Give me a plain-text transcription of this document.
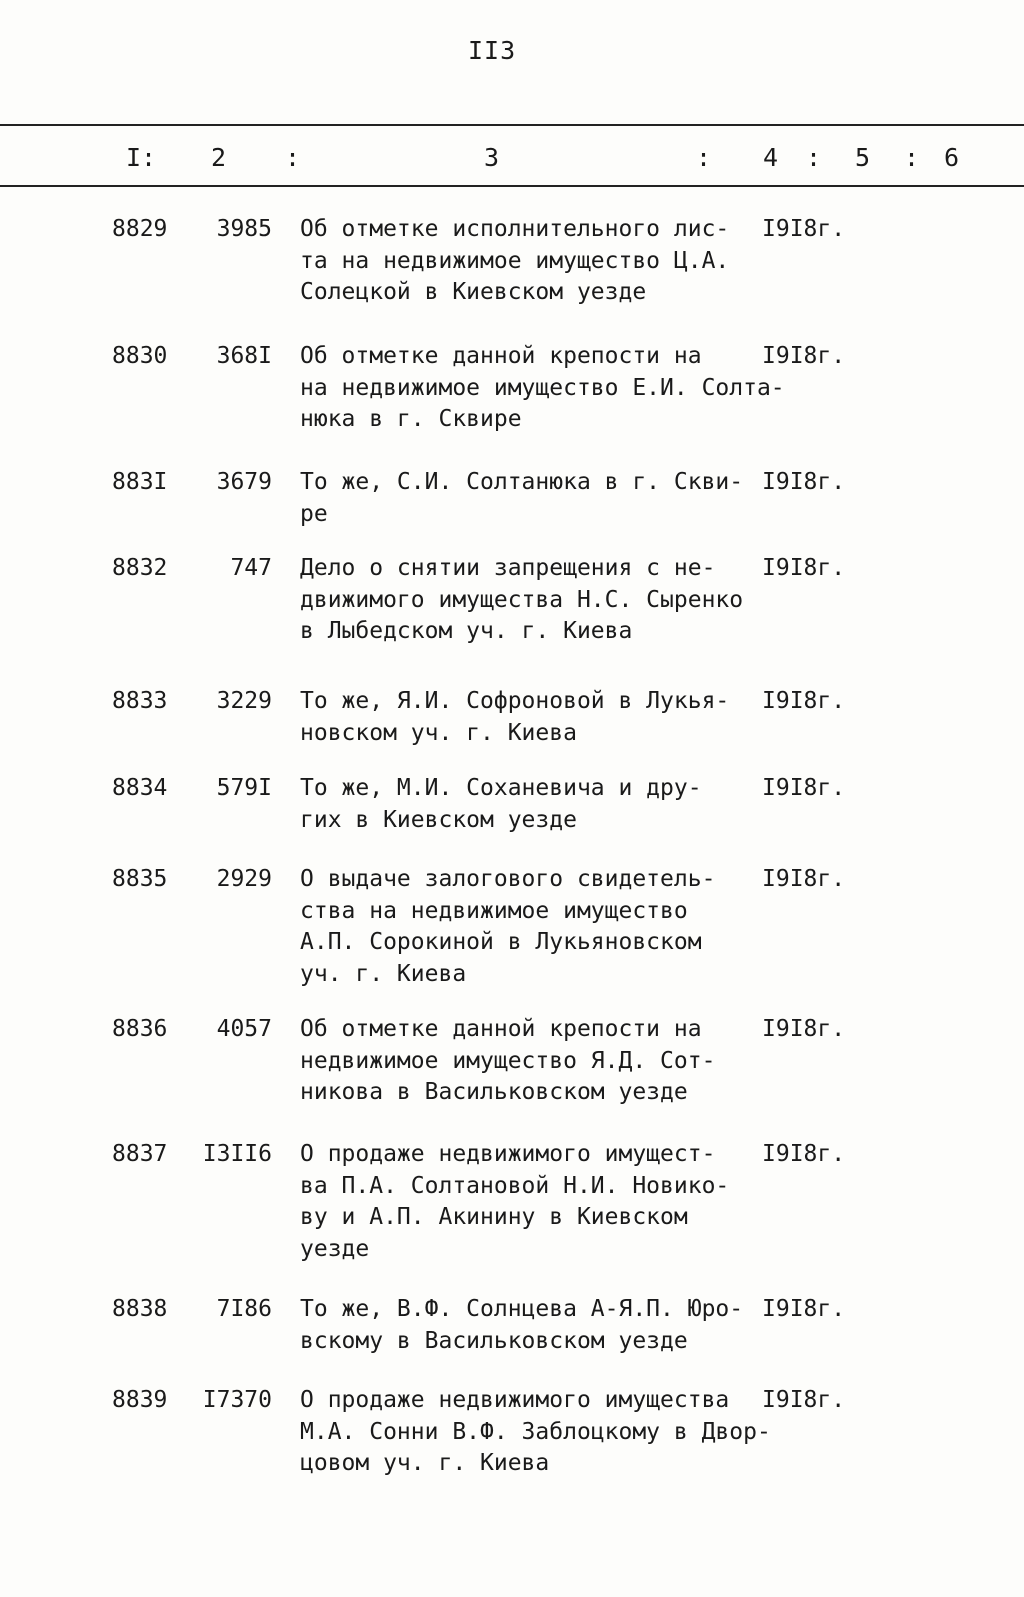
II3
I: 2 :	3	: 4 : 5 : 6
8829	3985 Об отметке исполнительного лис-
та на недвижимое имущество Ц.А.
Солецкой в Киевском уезде
I9I8г.
8830	368I Об отметке данной крепости на
на недвижимое имущество Е.И. Солта-
нюка в г. Сквире
I9I8г.
883I	3679 То же, С.И. Солтанюка в г. Скви-
ре
I9I8г.
8832	747 Дело о снятии запрещения с не-
движимого имущества Н.С. Сыренко
в Лыбедском уч. г. Киева
I9I8г.
8833	3229 То же, Я.И. Софроновой в Лукья-
новском уч. г. Киева
I9I8г.
8834	579I То же, М.И. Соханевича и дру-
гих в Киевском уезде
I9I8г.
8835	2929 О выдаче залогового свидетель-
ства на недвижимое имущество
А.П. Сорокиной в Лукьяновском
уч. г. Киева
I9I8г.
8836	4057 Об отметке данной крепости на
недвижимое имущество Я.Д. Сот-
никова в Васильковском уезде
I9I8г.
8837	I3II6 О продаже недвижимого имущест-
ва П.А. Солтановой Н.И. Новико-
ву и А.П. Акинину в Киевском
уезде
I9I8г.
8838	7I86 То же, В.Ф. Солнцева А-Я.П. Юро-
вскому в Васильковском уезде
I9I8г.
8839	I7370 О продаже недвижимого имущества
М.А. Сонни В.Ф. Заблоцкому в Двор-
цовом уч. г. Киева
I9I8г.
